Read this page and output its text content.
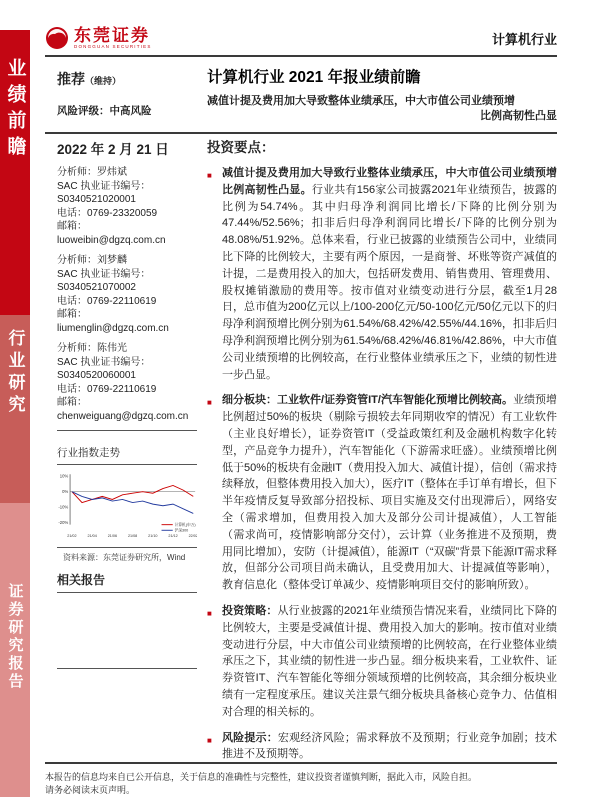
业绩前瞻
行业研究
证券研究报告
东莞证券
DONGGUAN SECURITIES	计算机行业
推荐（维持）
风险评级：中高风险
计算机行业 2021 年报业绩前瞻
减值计提及费用加大导致整体业绩承压，中大市值公司业绩预增
比例高韧性凸显
2022 年 2 月 21 日
分析师：罗炜斌
SAC 执业证书编号：
S0340521020001
电话：0769-23320059
邮箱：
luoweibin@dgzq.com.cn
分析师：刘梦麟
SAC 执业证书编号：
S0340521070002
电话：0769-22110619
邮箱：
liumenglin@dgzq.com.cn
分析师：陈伟光
SAC 执业证书编号：
S0340520060001
电话：0769-22110619
邮箱：
chenweiguang@dgzq.com.cn
行业指数走势
10%
0%
-10%
-20%	计算机(申万)
沪深300
21/02	21/04	21/06	21/08	21/10	21/12	22/02
资料来源：东莞证券研究所，Wind
相关报告
投资要点：
■ 减值计提及费用加大导致行业整体业绩承压，中大市值公司业绩预增比例高韧性凸显。行业共有156家公司披露2021年业绩预告，披露的比例为54.74%。其中归母净利润同比增长/下降的比例分别为47.44%/52.56%；扣非后归母净利润同比增长/下降的比例分别为48.08%/51.92%。总体来看，行业已披露的业绩预告公司中，业绩同比下降的比例较大，主要有两个原因，一是商誉、坏账等资产减值的计提，二是费用投入的加大，包括研发费用、销售费用、管理费用、股权摊销激励的费用等。按市值对业绩变动进行分层，截至1月28日，总市值为200亿元以上/100-200亿元/50-100亿元/50亿元以下的归母净利润预增比例分别为61.54%/68.42%/42.55%/44.16%，扣非后归母净利润预增比例分别为61.54%/68.42%/46.81%/42.86%，中大市值公司业绩预增的比例较高，在行业整体业绩承压之下，业绩的韧性进一步凸显。
■ 细分板块：工业软件/证券资管IT/汽车智能化预增比例较高。业绩预增比例超过50%的板块（剔除亏损较去年同期收窄的情况）有工业软件（主业良好增长），证券资管IT（受益政策红利及金融机构数字化转型，产品竞争力提升），汽车智能化（下游需求旺盛）。业绩预增比例低于50%的板块有金融IT（费用投入加大、减值计提），信创（需求持续释放，但整体费用投入加大），医疗IT（整体在手订单有增长，但下半年疫情反复导致部分招投标、项目实施及交付出现滞后），网络安全（需求增加，但费用投入加大及部分公司计提减值），人工智能（需求尚可，疫情影响部分交付），云计算（业务推进不及预期，费用同比增加），安防（计提减值），能源IT（“双碳”背景下能源IT需求释放，但部分公司项目尚未确认，且受费用加大、计提减值等影响），教育信息化（整体受订单减少、疫情影响项目交付的影响所致）。
■ 投资策略：从行业披露的2021年业绩预告情况来看，业绩同比下降的比例较大，主要是受减值计提、费用投入加大的影响。按市值对业绩变动进行分层，中大市值公司业绩预增的比例较高，在行业整体业绩承压之下，其业绩的韧性进一步凸显。细分板块来看，工业软件、证券资管IT、汽车智能化等细分领域预增的比例较高，其余细分板块业绩有一定程度承压。建议关注景气细分板块具备核心竞争力、估值相对合理的相关标的。
■ 风险提示：宏观经济风险；需求释放不及预期；行业竞争加剧；技术推进不及预期等。

本报告的信息均来自已公开信息，关于信息的准确性与完整性，建议投资者谨慎判断，据此入市，风险自担。

请务必阅读末页声明。
